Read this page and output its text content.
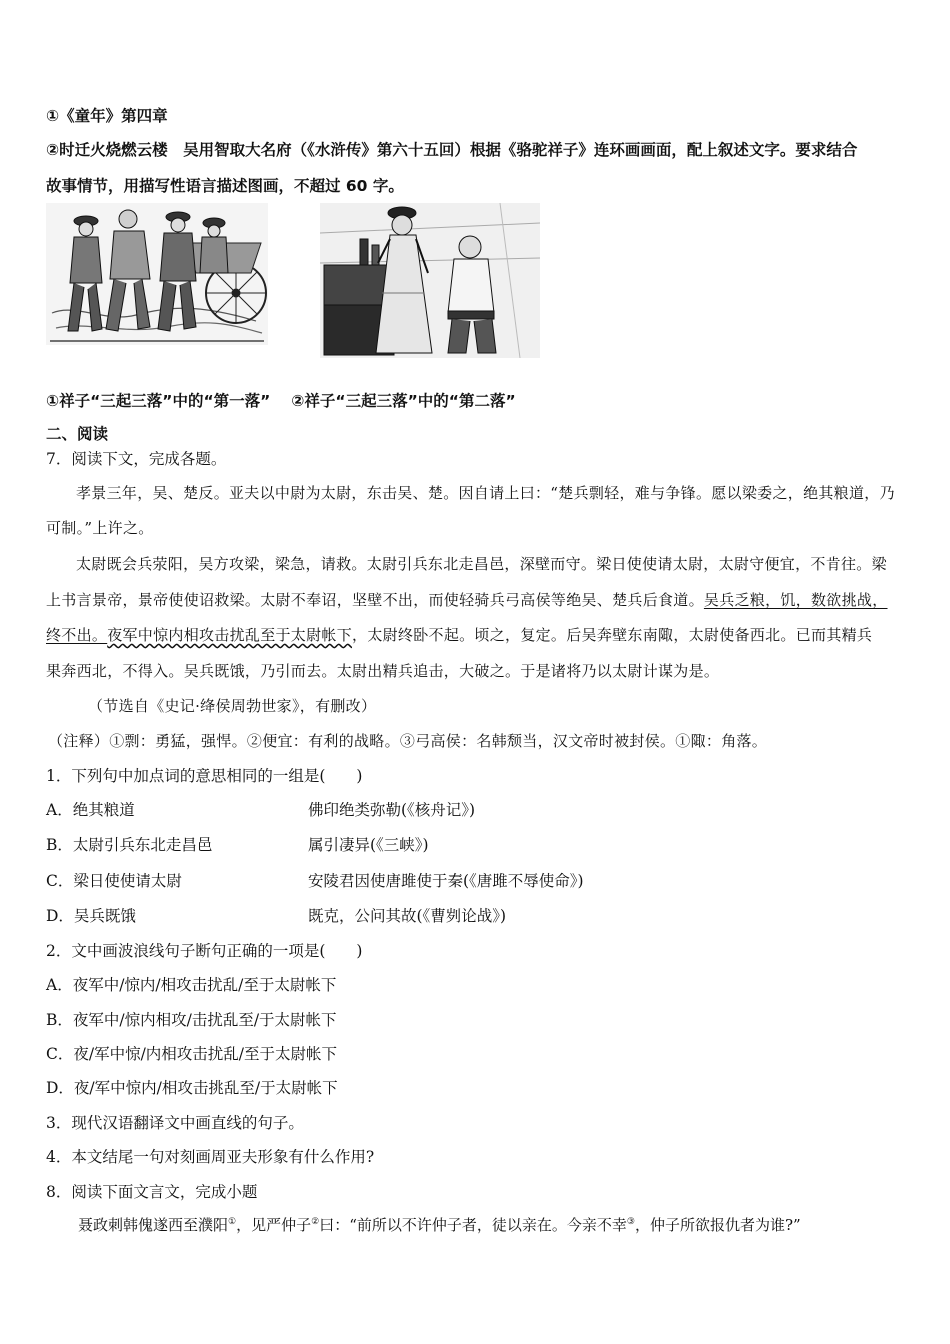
①《童年》第四章
②时迁火烧燃云楼　吴用智取大名府（《水浒传》第六十五回）根据《骆驼祥子》连环画画面，配上叙述文字。要求结合
故事情节，用描写性语言描述图画，不超过 60 字。
①祥子“三起三落”中的“第一落”　 ②祥子“三起三落”中的“第二落”
二、阅读
7．阅读下文，完成各题。
孝景三年，吴、楚反。亚夫以中尉为太尉，东击吴、楚。因自请上曰：“楚兵剽轻，难与争锋。愿以梁委之，绝其粮道，乃
可制。”上许之。
太尉既会兵荥阳，吴方攻梁，梁急，请救。太尉引兵东北走昌邑，深壁而守。梁日使使请太尉，太尉守便宜，不肯往。梁
上书言景帝，景帝使使诏救梁。太尉不奉诏，坚壁不出，而使轻骑兵弓高侯等绝吴、楚兵后食道。吴兵乏粮，饥，数欲挑战，
终不出。夜军中惊内相攻击扰乱至于太尉帐下，太尉终卧不起。顷之，复定。后吴奔壁东南陬，太尉使备西北。已而其精兵
果奔西北，不得入。吴兵既饿，乃引而去。太尉出精兵追击，大破之。于是诸将乃以太尉计谋为是。
（节选自《史记·绛侯周勃世家》，有删改）
（注释）①剽：勇猛，强悍。②便宜：有利的战略。③弓高侯：名韩颓当，汉文帝时被封侯。①陬：角落。
1．下列句中加点词的意思相同的一组是(　　)
A．绝其粮道	佛印绝类弥勒(《核舟记》)
B．太尉引兵东北走昌邑	属引凄异(《三峡》)
C．梁日使使请太尉	安陵君因使唐雎使于秦(《唐雎不辱使命》)
D．吴兵既饿	既克，公问其故(《曹刿论战》)
2．文中画波浪线句子断句正确的一项是(　　)
A．夜军中/惊内/相攻击扰乱/至于太尉帐下
B．夜军中/惊内相攻/击扰乱至/于太尉帐下
C．夜/军中惊/内相攻击扰乱/至于太尉帐下
D．夜/军中惊内/相攻击挑乱至/于太尉帐下
3．现代汉语翻译文中画直线的句子。
4．本文结尾一句对刻画周亚夫形象有什么作用?
8．阅读下面文言文，完成小题
聂政刺韩傀遂西至濮阳①，见严仲子②曰：“前所以不许仲子者，徒以亲在。今亲不幸③，仲子所欲报仇者为谁?”
